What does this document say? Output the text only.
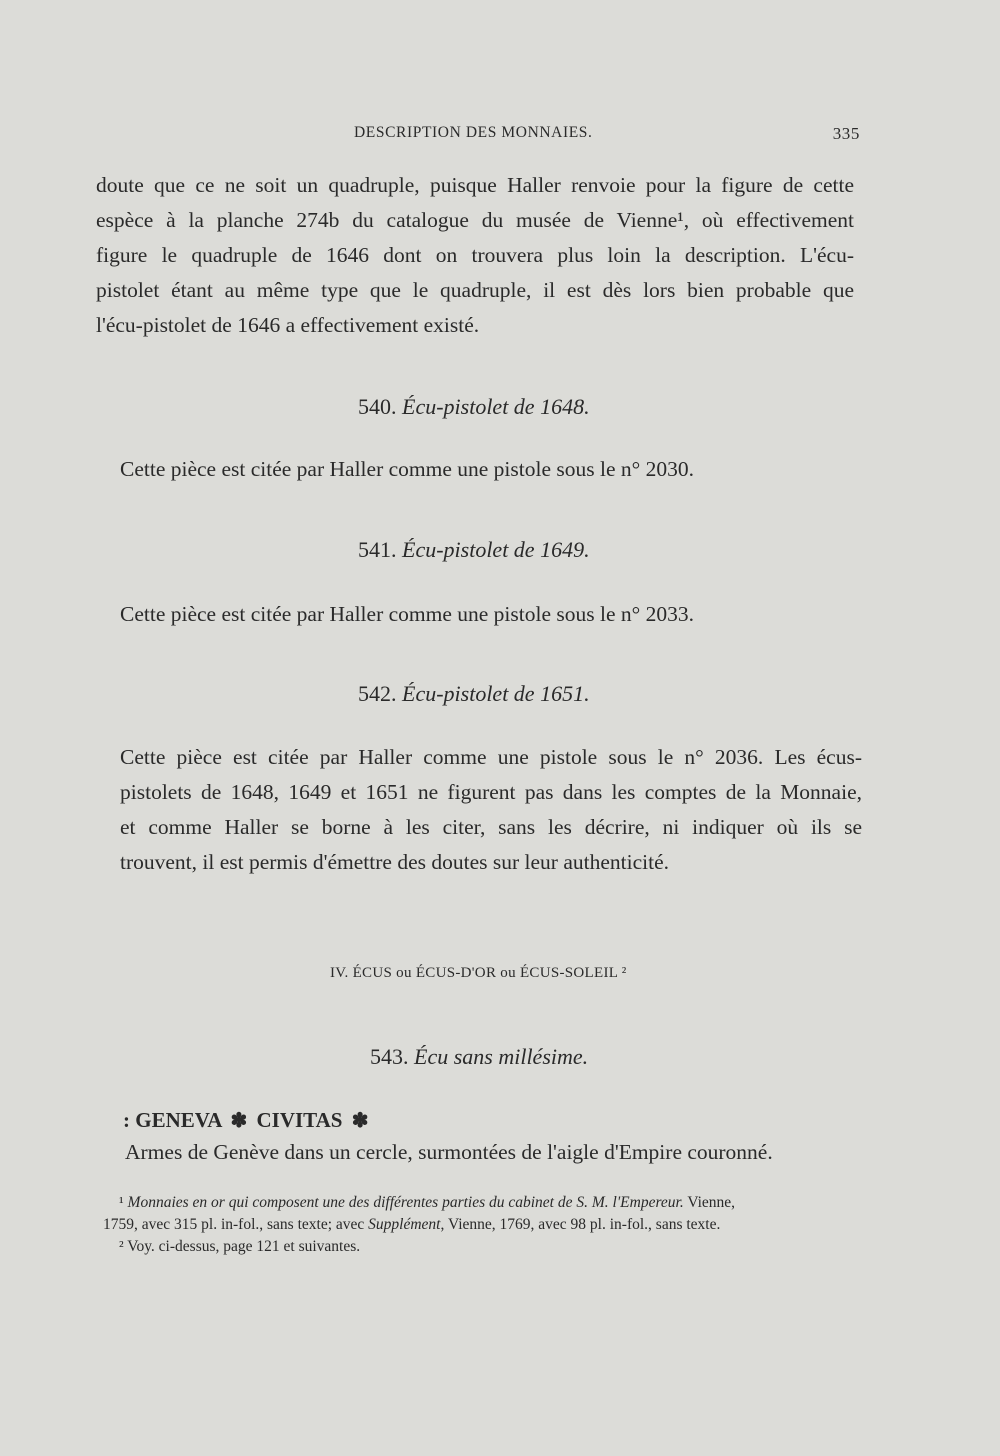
DESCRIPTION DES MONNAIES.	335
doute que ce ne soit un quadruple, puisque Haller renvoie pour la figure de cette
espèce à la planche 274b du catalogue du musée de Vienne¹, où effectivement
figure le quadruple de 1646 dont on trouvera plus loin la description. L'écu-
pistolet étant au même type que le quadruple, il est dès lors bien probable que
l'écu-pistolet de 1646 a effectivement existé.
540. Écu-pistolet de 1648.
Cette pièce est citée par Haller comme une pistole sous le n° 2030.
541. Écu-pistolet de 1649.
Cette pièce est citée par Haller comme une pistole sous le n° 2033.
542. Écu-pistolet de 1651.
Cette pièce est citée par Haller comme une pistole sous le n° 2036. Les écus-
pistolets de 1648, 1649 et 1651 ne figurent pas dans les comptes de la Monnaie,
et comme Haller se borne à les citer, sans les décrire, ni indiquer où ils se
trouvent, il est permis d'émettre des doutes sur leur authenticité.
IV. ÉCUS ou ÉCUS-D'OR ou ÉCUS-SOLEIL ²
543. Écu sans millésime.
: GENEVA ✽ CIVITAS ✽
Armes de Genève dans un cercle, surmontées de l'aigle d'Empire couronné.
¹ Monnaies en or qui composent une des différentes parties du cabinet de S. M. l'Empereur. Vienne,
1759, avec 315 pl. in-fol., sans texte; avec Supplément, Vienne, 1769, avec 98 pl. in-fol., sans texte.
² Voy. ci-dessus, page 121 et suivantes.
